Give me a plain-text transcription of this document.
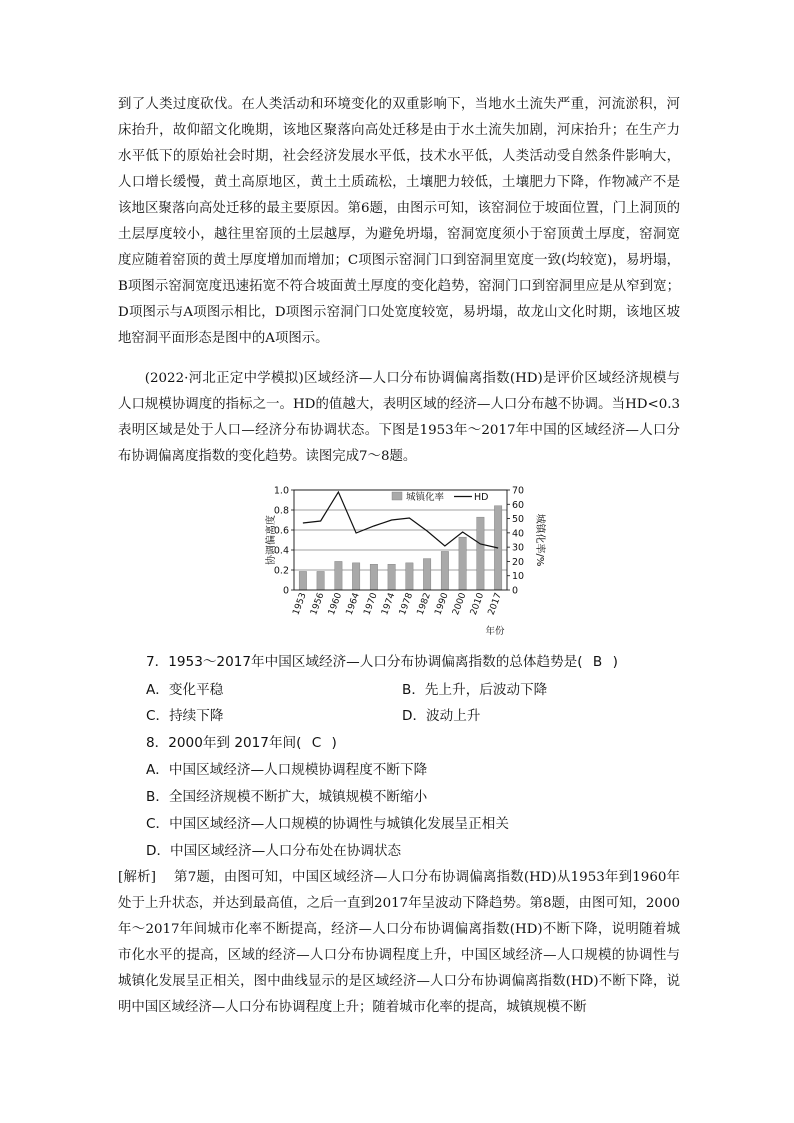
到了人类过度砍伐。在人类活动和环境变化的双重影响下，当地水土流失严重，河流淤积，河床抬升，故仰韶文化晚期，该地区聚落向高处迁移是由于水土流失加剧，河床抬升；在生产力水平低下的原始社会时期，社会经济发展水平低，技术水平低，人类活动受自然条件影响大，人口增长缓慢，黄土高原地区，黄土土质疏松，土壤肥力较低，土壤肥力下降，作物减产不是该地区聚落向高处迁移的最主要原因。第6题，由图示可知，该窑洞位于坡面位置，门上洞顶的土层厚度较小，越往里窑顶的土层越厚，为避免坍塌，窑洞宽度须小于窑顶黄土厚度，窑洞宽度应随着窑顶的黄土厚度增加而增加；C项图示窑洞门口到窑洞里宽度一致(均较宽)，易坍塌，B项图示窑洞宽度迅速拓宽不符合坡面黄土厚度的变化趋势，窑洞门口到窑洞里应是从窄到宽；D项图示与A项图示相比，D项图示窑洞门口处宽度较宽，易坍塌，故龙山文化时期，该地区坡地窑洞平面形态是图中的A项图示。
(2022·河北正定中学模拟)区域经济—人口分布协调偏离指数(HD)是评价区域经济规模与人口规模协调度的指标之一。HD的值越大，表明区域的经济—人口分布越不协调。当HD<0.3表明区域是处于人口—经济分布协调状态。下图是1953年～2017年中国的区域经济—人口分布协调偏离度指数的变化趋势。读图完成7～8题。
0
0.2
0.4
0.6
0.8
1.0
0
10
20
30
40
50
60
70
1953 1956 1960 1964 1970 1974 1978 1982 1990 2000 2010 2017
协调偏离度	城镇化率/%
年份
城镇化率	HD
7．1953～2017年中国区域经济—人口分布协调偏离指数的总体趋势是( B )
A．变化平稳	B．先上升，后波动下降
C．持续下降	D．波动上升
8．2000年到 2017年间( C )
A．中国区域经济—人口规模协调程度不断下降
B．全国经济规模不断扩大，城镇规模不断缩小
C．中国区域经济—人口规模的协调性与城镇化发展呈正相关
D．中国区域经济—人口分布处在协调状态
[解析] 第7题，由图可知，中国区域经济—人口分布协调偏离指数(HD)从1953年到1960年处于上升状态，并达到最高值，之后一直到2017年呈波动下降趋势。第8题，由图可知，2000年～2017年间城市化率不断提高，经济—人口分布协调偏离指数(HD)不断下降，说明随着城市化水平的提高，区域的经济—人口分布协调程度上升，中国区域经济—人口规模的协调性与城镇化发展呈正相关，图中曲线显示的是区域经济—人口分布协调偏离指数(HD)不断下降，说明中国区域经济—人口分布协调程度上升；随着城市化率的提高，城镇规模不断
